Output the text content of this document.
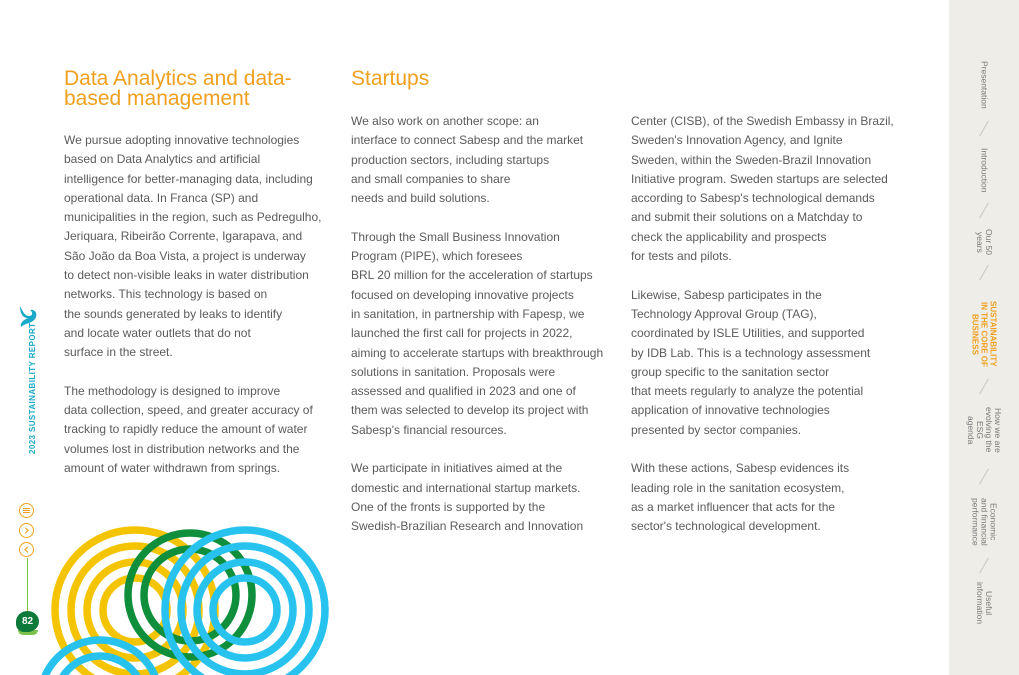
2023 SUSTAINABILITY REPORT
82
Data Analytics and data-based management
Startups

We pursue adopting innovative technologies
based on Data Analytics and artificial
intelligence for better-managing data, including
operational data. In Franca (SP) and
municipalities in the region, such as Pedregulho,
Jeriquara, Ribeirão Corrente, Igarapava, and
São João da Boa Vista, a project is underway
to detect non-visible leaks in water distribution
networks. This technology is based on
the sounds generated by leaks to identify
and locate water outlets that do not
surface in the street.

The methodology is designed to improve
data collection, speed, and greater accuracy of
tracking to rapidly reduce the amount of water
volumes lost in distribution networks and the
amount of water withdrawn from springs.

We also work on another scope: an
interface to connect Sabesp and the market
production sectors, including startups
and small companies to share
needs and build solutions.

Through the Small Business Innovation
Program (PIPE), which foresees
BRL 20 million for the acceleration of startups
focused on developing innovative projects
in sanitation, in partnership with Fapesp, we
launched the first call for projects in 2022,
aiming to accelerate startups with breakthrough
solutions in sanitation. Proposals were
assessed and qualified in 2023 and one of
them was selected to develop its project with
Sabesp's financial resources.

We participate in initiatives aimed at the
domestic and international startup markets.
One of the fronts is supported by the
Swedish-Brazilian Research and Innovation

Center (CISB), of the Swedish Embassy in Brazil,
Sweden's Innovation Agency, and Ignite
Sweden, within the Sweden-Brazil Innovation
Initiative program. Sweden startups are selected
according to Sabesp's technological demands
and submit their solutions on a Matchday to
check the applicability and prospects
for tests and pilots.

Likewise, Sabesp participates in the
Technology Approval Group (TAG),
coordinated by ISLE Utilities, and supported
by IDB Lab. This is a technology assessment
group specific to the sanitation sector
that meets regularly to analyze the potential
application of innovative technologies
presented by sector companies.

With these actions, Sabesp evidences its
leading role in the sanitation ecosystem,
as a market influencer that acts for the
sector's technological development.

Presentation
Introduction
Our 50
years
SUSTAINABILITY
IN THE CORE OF
BUSINESS
How we are
evolving the ESG
agenda
Economic
and financial
performance
Useful
information
